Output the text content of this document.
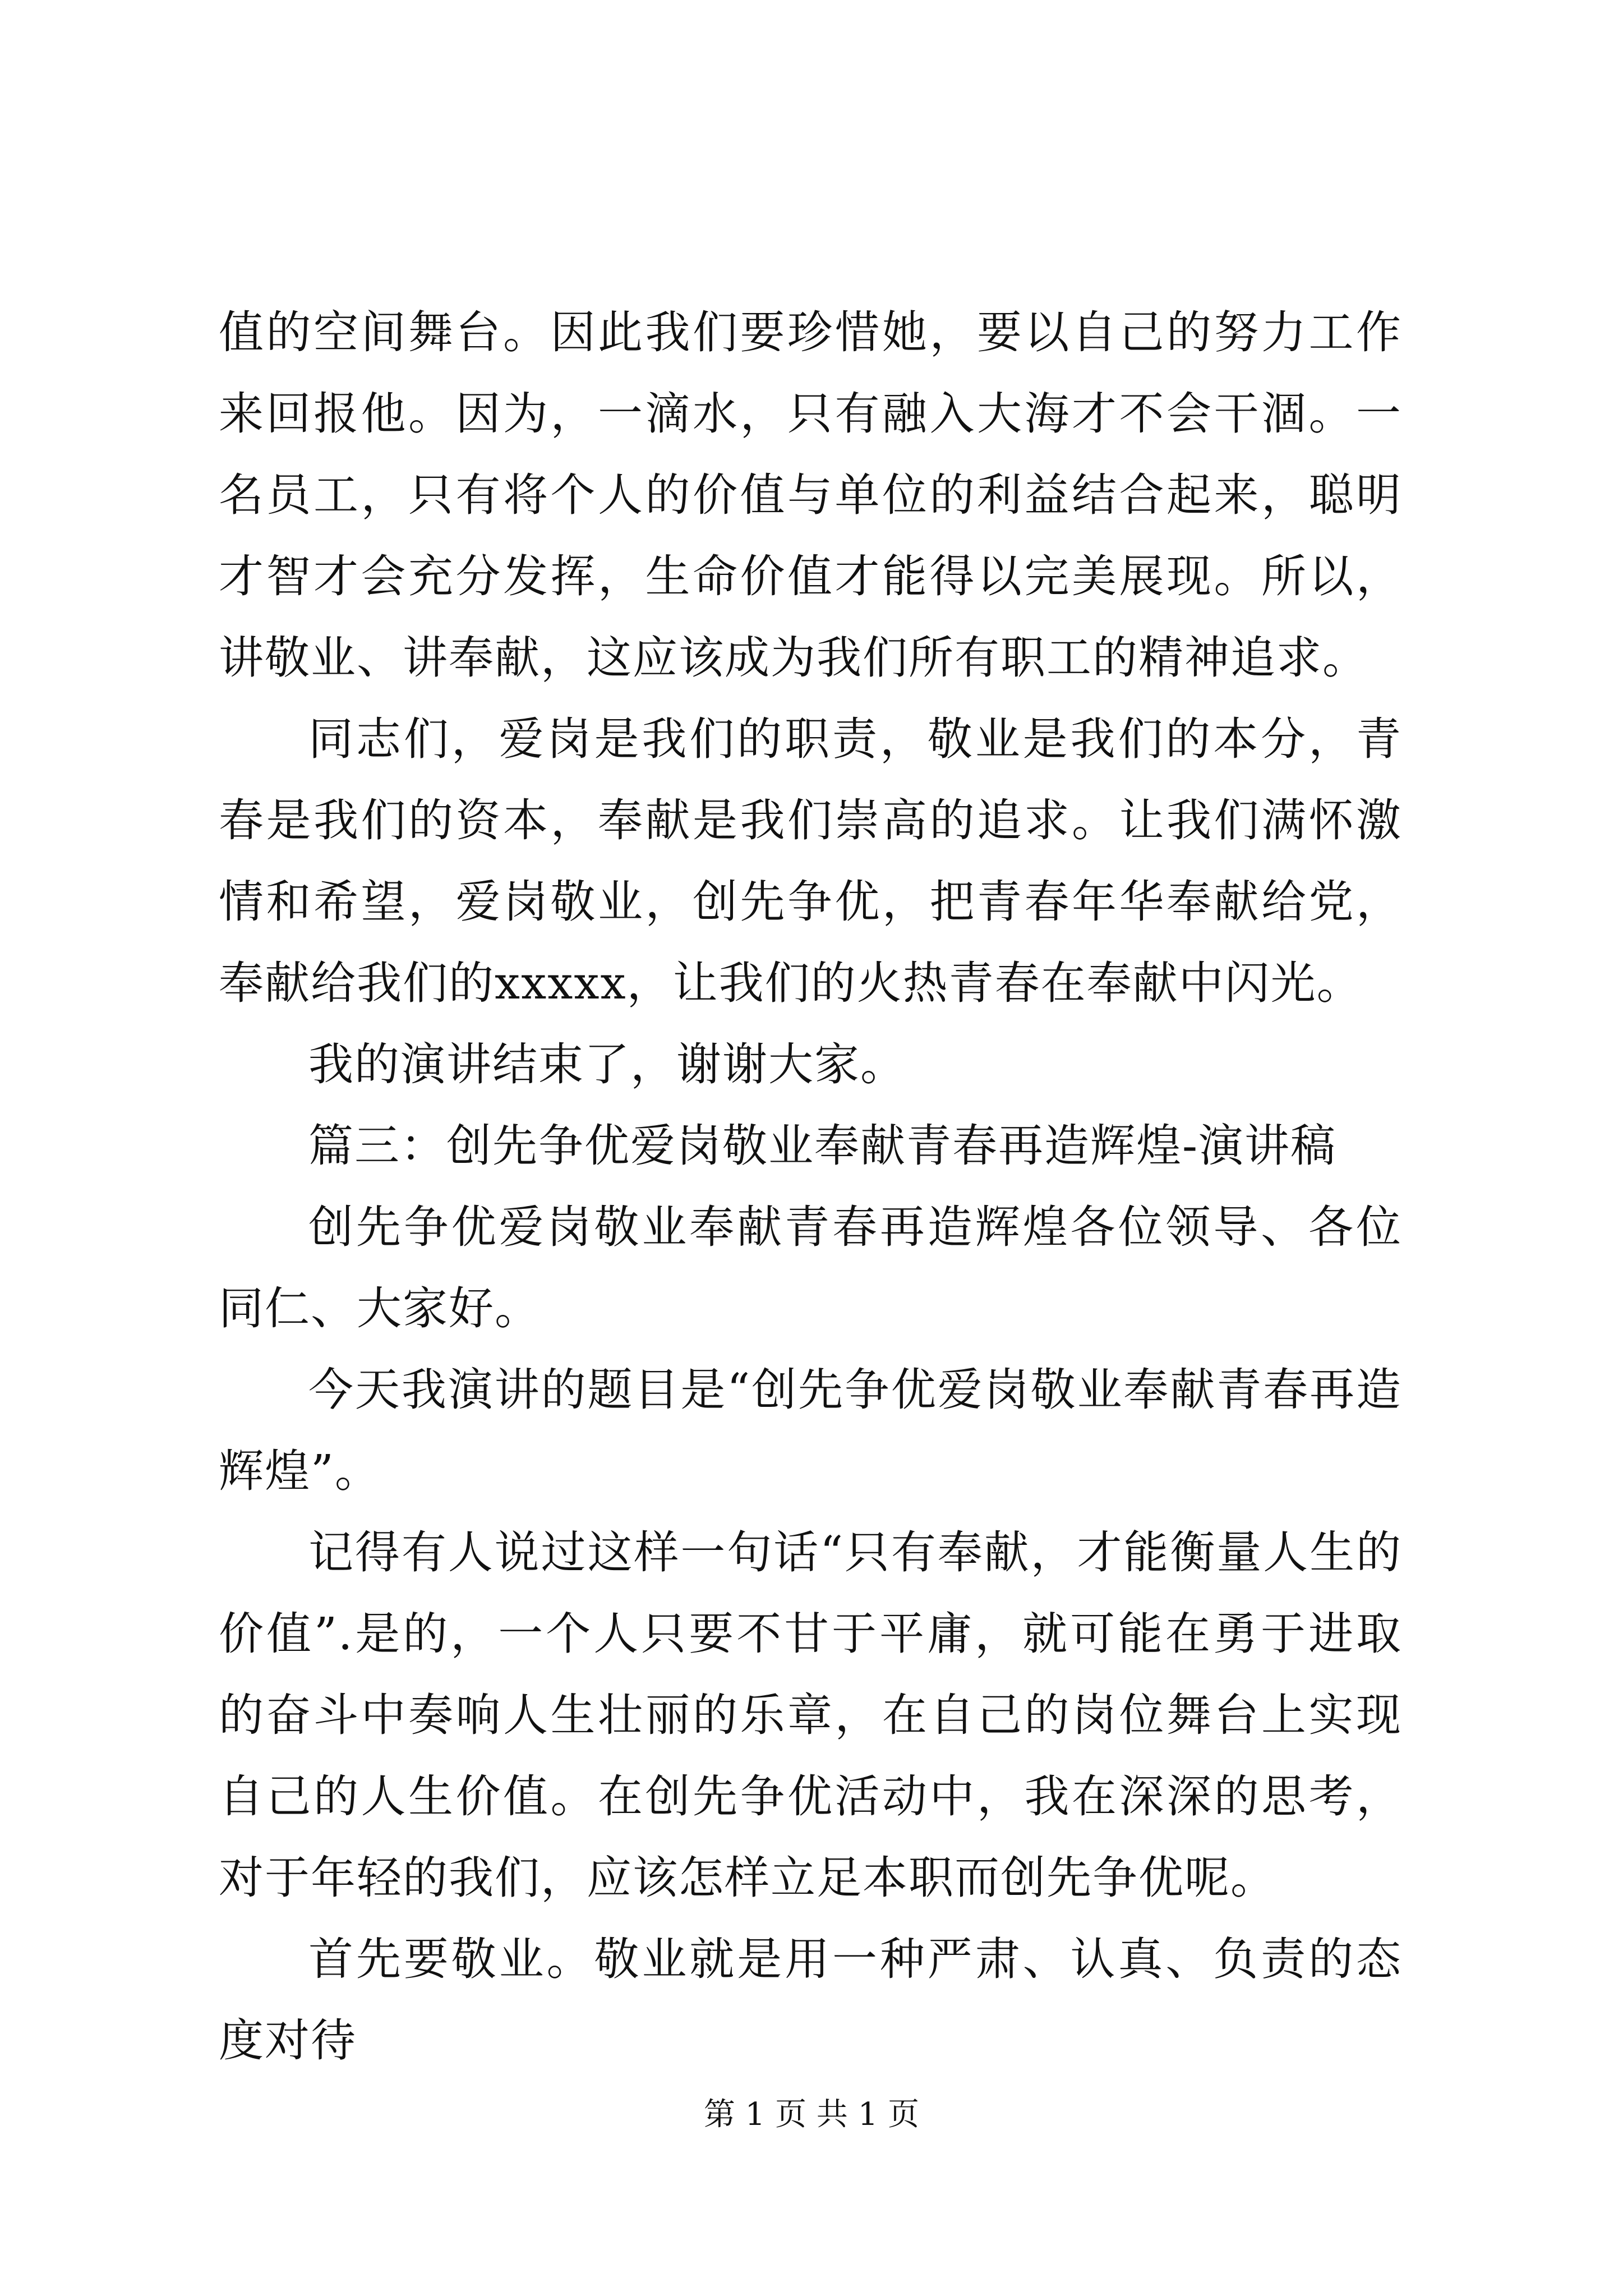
值的空间舞台。因此我们要珍惜她，要以自己的努力工作来回报他。因为，一滴水，只有融入大海才不会干涸。一名员工，只有将个人的价值与单位的利益结合起来，聪明才智才会充分发挥，生命价值才能得以完美展现。所以，讲敬业、讲奉献，这应该成为我们所有职工的精神追求。

同志们，爱岗是我们的职责，敬业是我们的本分，青春是我们的资本，奉献是我们崇高的追求。让我们满怀激情和希望，爱岗敬业，创先争优，把青春年华奉献给党，奉献给我们的xxxxx，让我们的火热青春在奉献中闪光。

我的演讲结束了，谢谢大家。

篇三：创先争优爱岗敬业奉献青春再造辉煌-演讲稿

创先争优爱岗敬业奉献青春再造辉煌各位领导、各位同仁、大家好。

今天我演讲的题目是“创先争优爱岗敬业奉献青春再造辉煌”。

记得有人说过这样一句话“只有奉献，才能衡量人生的价值”.是的，一个人只要不甘于平庸，就可能在勇于进取的奋斗中奏响人生壮丽的乐章，在自己的岗位舞台上实现自己的人生价值。在创先争优活动中，我在深深的思考，对于年轻的我们，应该怎样立足本职而创先争优呢。

首先要敬业。敬业就是用一种严肃、认真、负责的态度对待

第 1 页 共 1 页
